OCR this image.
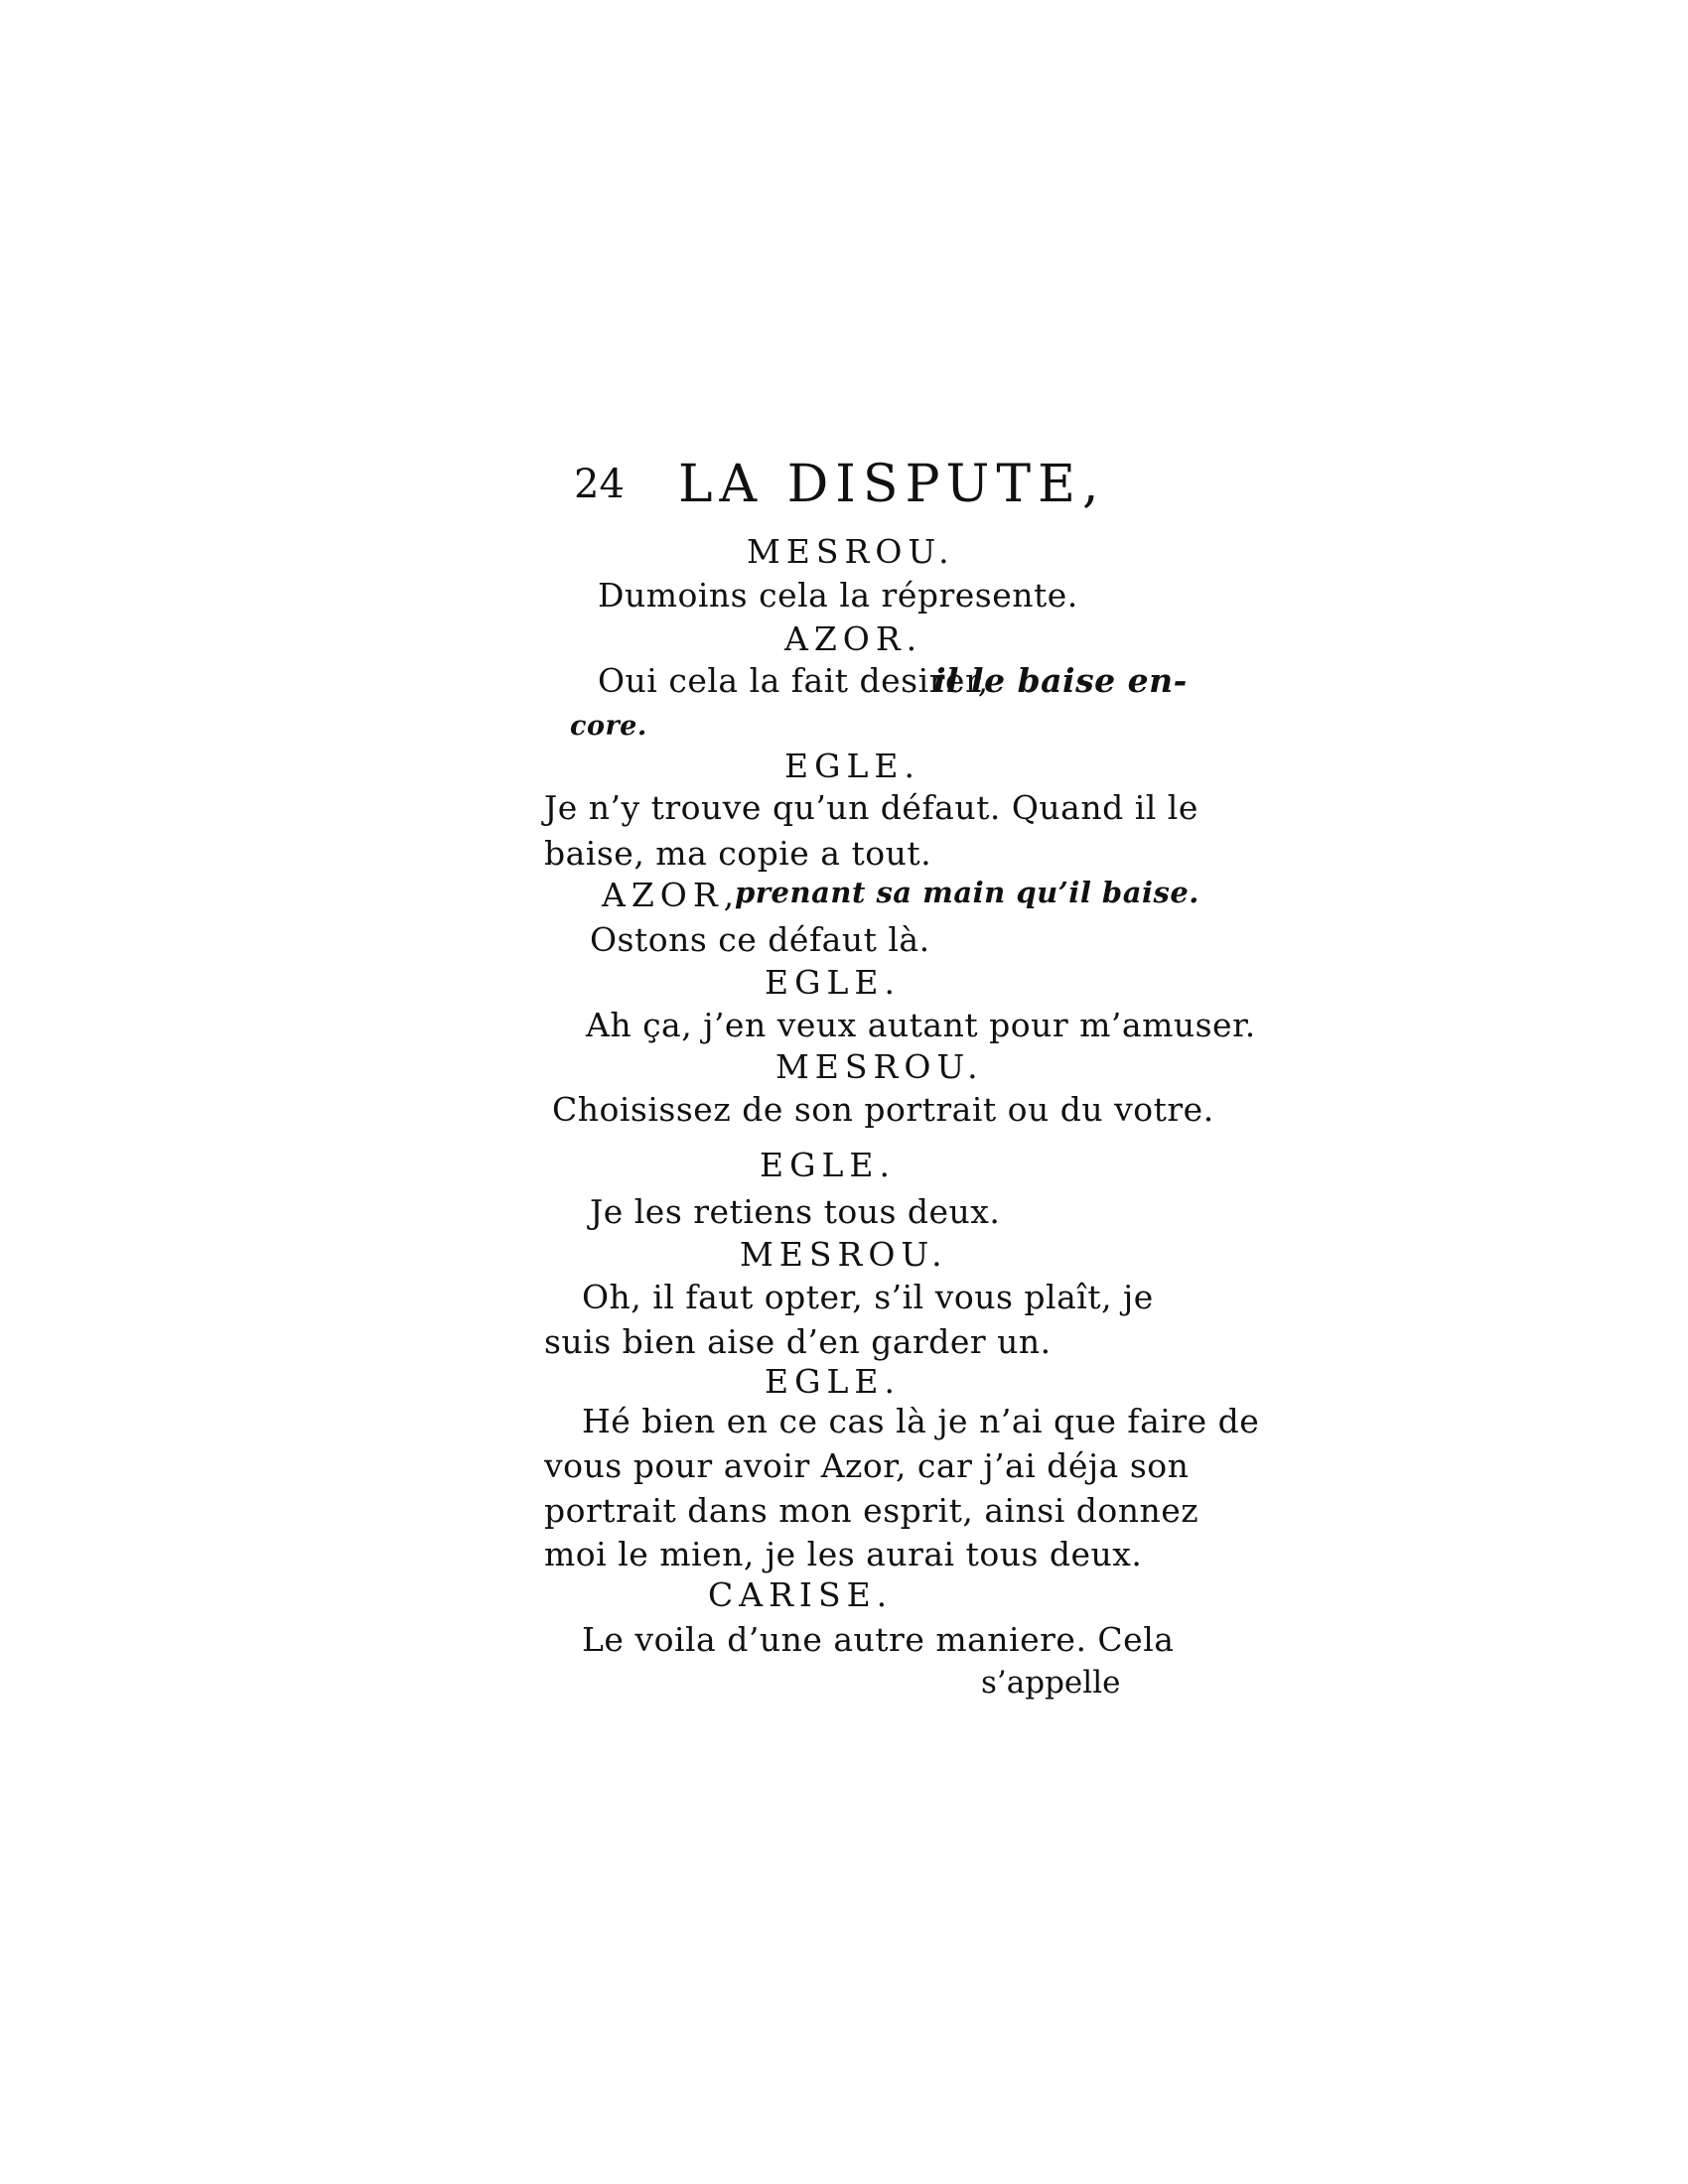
24 LA DISPUTE,
MESROU.
Dumoins cela la répresente.
AZOR.
Oui cela la fait desirer,
il le baise en-
core.
EGLE.
Je n’y trouve qu’un défaut. Quand il le
baise, ma copie a tout.
AZOR,
prenant sa main qu’il baise.
Ostons ce défaut là.
EGLE.
Ah ça, j’en veux autant pour m’amuser.
MESROU.
Choisissez de son portrait ou du votre.
EGLE.
Je les retiens tous deux.
MESROU.
Oh, il faut opter, s’il vous plaît, je
suis bien aise d’en garder un.
EGLE.
Hé bien en ce cas là je n’ai que faire de
vous pour avoir Azor, car j’ai déja son
portrait dans mon esprit, ainsi donnez
moi le mien, je les aurai tous deux.
CARISE.
Le voila d’une autre maniere. Cela
s’appelle
